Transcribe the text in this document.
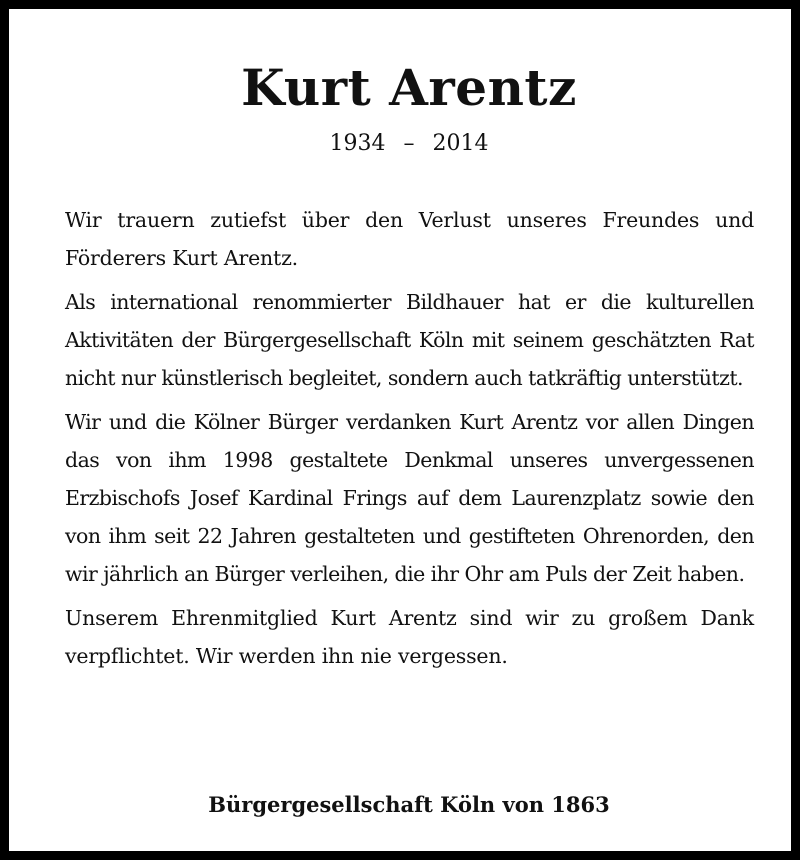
Kurt Arentz
1934 – 2014

Wir trauern zutiefst über den Verlust unseres Freundes und Förderers Kurt Arentz.

Als international renommierter Bildhauer hat er die kulturellen Aktivitäten der Bürgergesellschaft Köln mit seinem geschätzten Rat nicht nur künstlerisch begleitet, sondern auch tatkräftig unterstützt.

Wir und die Kölner Bürger verdanken Kurt Arentz vor allen Dingen das von ihm 1998 gestaltete Denkmal unseres unvergessenen Erzbischofs Josef Kardinal Frings auf dem Laurenzplatz sowie den von ihm seit 22 Jahren gestalteten und gestifteten Ohrenorden, den wir jährlich an Bürger verleihen, die ihr Ohr am Puls der Zeit haben.

Unserem Ehrenmitglied Kurt Arentz sind wir zu großem Dank verpflichtet. Wir werden ihn nie vergessen.

Bürgergesellschaft Köln von 1863
